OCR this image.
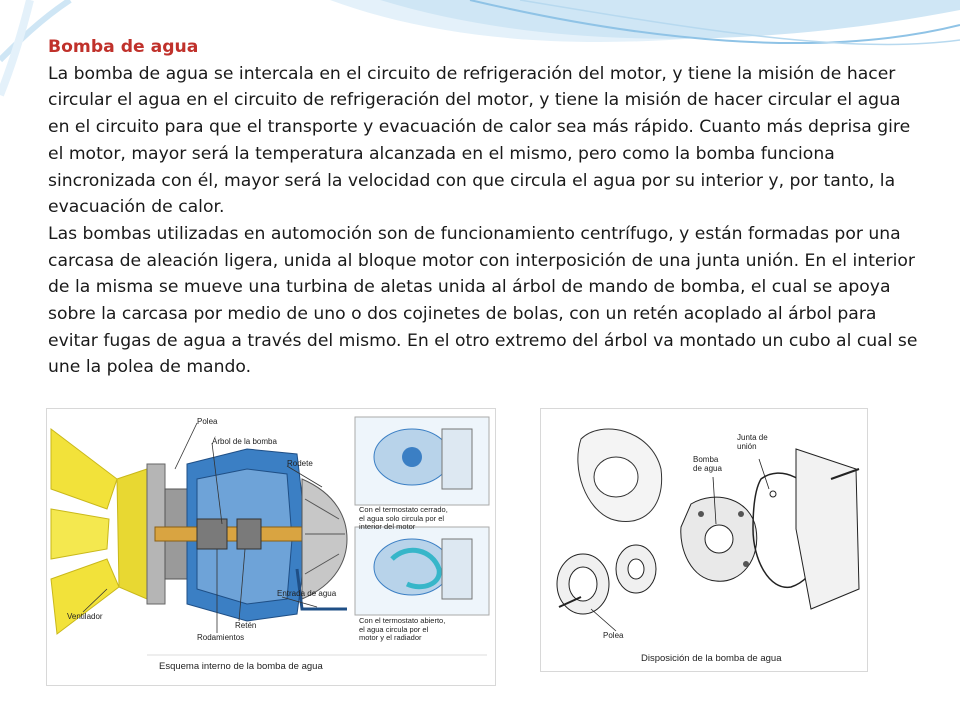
Bomba de agua

La bomba de agua se intercala en el circuito de refrigeración del motor, y tiene la misión de hacer circular el agua en el circuito de refrigeración del motor, y tiene la misión de hacer circular el agua en el circuito para que el transporte y evacuación de calor sea más rápido. Cuanto más deprisa gire el motor, mayor será la temperatura alcanzada en el mismo, pero como la bomba funciona sincronizada con él, mayor será la velocidad con que circula el agua por su interior y, por tanto, la evacuación de calor.

Las bombas utilizadas en automoción son de funcionamiento centrífugo, y están formadas por una carcasa de aleación ligera, unida al bloque motor con interposición de una junta unión. En el interior de la misma se mueve una turbina de aletas unida al árbol de mando de bomba, el cual se apoya sobre la carcasa por medio de uno o dos cojinetes de bolas, con un retén acoplado al árbol para evitar fugas de agua a través del mismo. En el otro extremo del árbol va montado un cubo al cual se une la polea de mando.

Polea
Árbol de la bomba
Rodete
Entrada de agua
Retén
Rodamientos
Ventilador
Con el termostato cerrado,
el agua solo circula por el
interior del motor
Con el termostato abierto,
el agua circula por el
motor y el radiador
Esquema interno de la bomba de agua
Bomba
de agua
Junta de
unión
Polea
Disposición de la bomba de agua
